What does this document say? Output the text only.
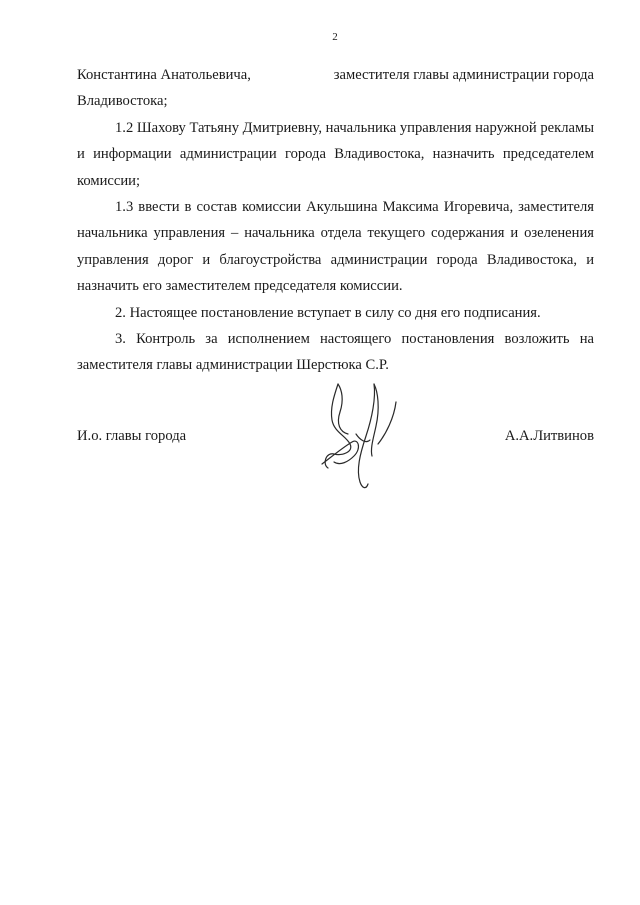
2
Константина Анатольевича,	заместителя главы администрации города

Владивостока;

1.2 Шахову Татьяну Дмитриевну, начальника управления наружной рекламы и информации администрации города Владивостока, назначить председателем комиссии;

1.3 ввести в состав комиссии Акульшина Максима Игоревича, заместителя начальника управления – начальника отдела текущего содержания и озеленения управления дорог и благоустройства администрации города Владивостока, и назначить его заместителем председателя комиссии.

2. Настоящее постановление вступает в силу со дня его подписания.

3. Контроль за исполнением настоящего постановления возложить на заместителя главы администрации Шерстюка С.Р.

И.о. главы города	А.А.Литвинов
